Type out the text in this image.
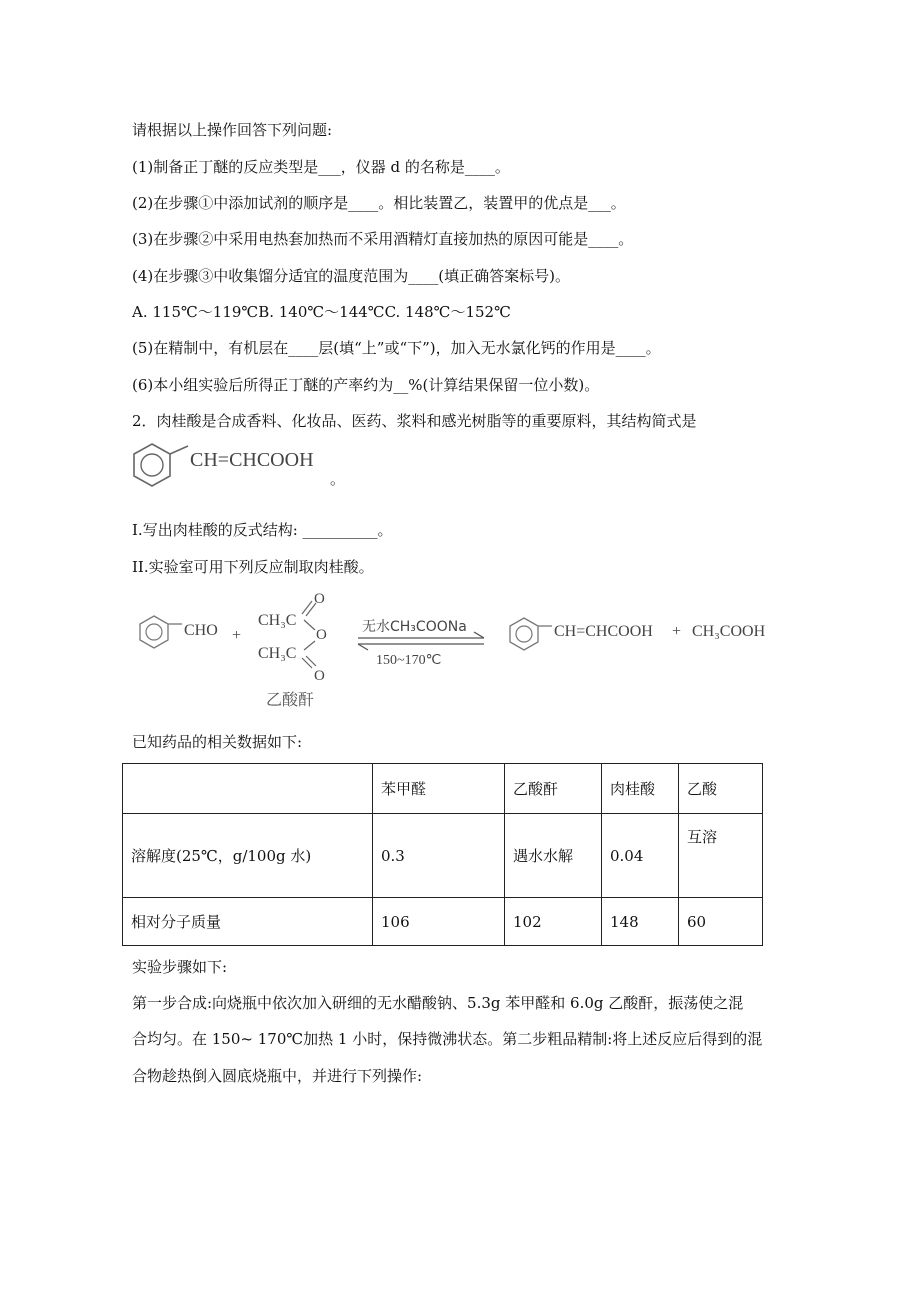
请根据以上操作回答下列问题:
(1)制备正丁醚的反应类型是___，仪器 d 的名称是____。
(2)在步骤①中添加试剂的顺序是____。相比装置乙，装置甲的优点是___。
(3)在步骤②中采用电热套加热而不采用酒精灯直接加热的原因可能是____。
(4)在步骤③中收集馏分适宜的温度范围为____(填正确答案标号)。
A. 115℃～119℃B. 140℃～144℃C. 148℃～152℃
(5)在精制中，有机层在____层(填“上”或“下”)，加入无水氯化钙的作用是____。
(6)本小组实验后所得正丁醚的产率约为__%(计算结果保留一位小数)。
2．肉桂酸是合成香料、化妆品、医药、浆料和感光树脂等的重要原料，其结构简式是
CH=CHCOOH
。
I.写出肉桂酸的反式结构: __________。
II.实验室可用下列反应制取肉桂酸。
CHO +
CH₃C
CH₃C
O
O
O
乙酸酐
无水CH₃COONa
150~170℃
CH=CHCOOH + CH₃COOH
已知药品的相关数据如下:
	苯甲醛	乙酸酐	肉桂酸	乙酸
溶解度(25℃，g/100g 水)	0.3	遇水水解	0.04	互溶
相对分子质量	106	102	148	60
实验步骤如下:
第一步合成:向烧瓶中依次加入研细的无水醋酸钠、5.3g 苯甲醛和 6.0g 乙酸酐，振荡使之混
合均匀。在 150~ 170℃加热 1 小时，保持微沸状态。第二步粗品精制:将上述反应后得到的混
合物趁热倒入圆底烧瓶中，并进行下列操作:
